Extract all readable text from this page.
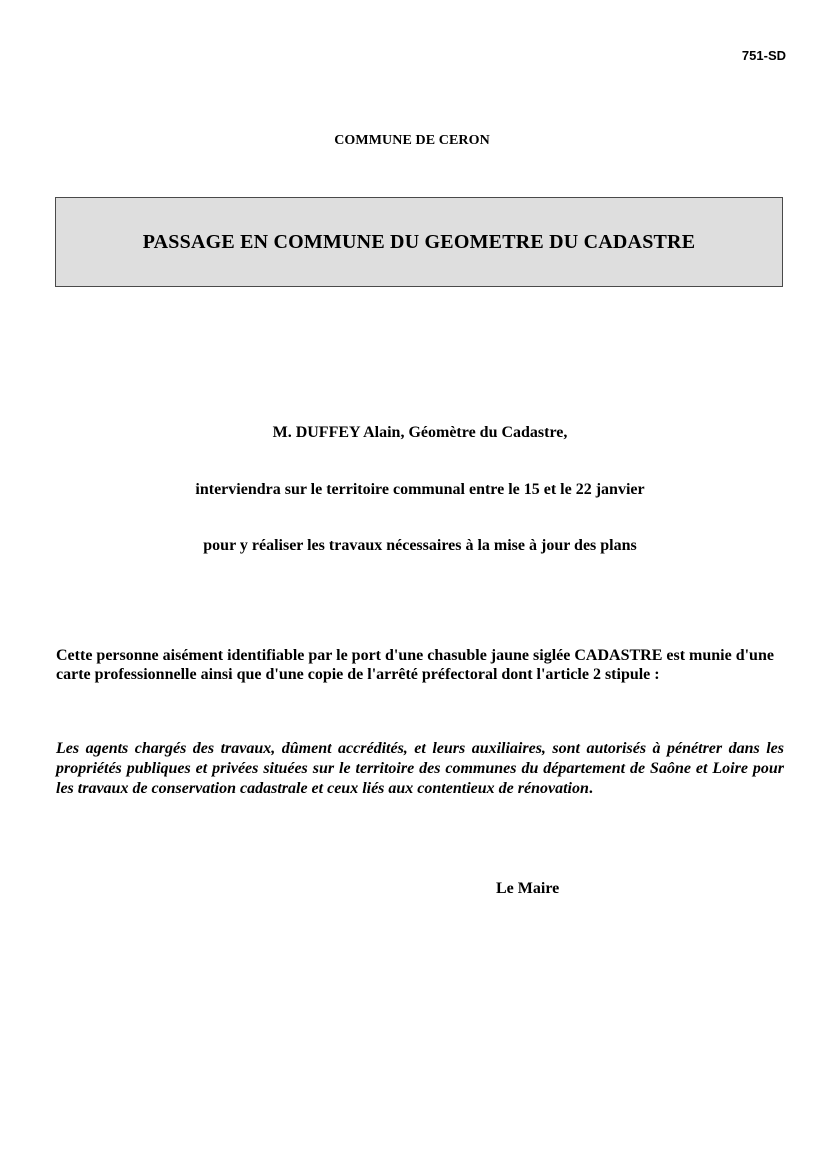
751-SD
COMMUNE DE CERON
PASSAGE EN COMMUNE DU GEOMETRE DU CADASTRE
M. DUFFEY Alain, Géomètre du Cadastre,
interviendra sur le territoire communal entre le 15 et le 22 janvier
pour y réaliser les travaux nécessaires à la mise à jour des plans
Cette personne aisément identifiable par le port d'une chasuble jaune siglée CADASTRE est munie d'une carte professionnelle ainsi que d'une copie de l'arrêté préfectoral dont l'article 2 stipule :
Les agents chargés des travaux, dûment accrédités, et leurs auxiliaires, sont autorisés à pénétrer dans les propriétés publiques et privées situées sur le territoire des communes du département de Saône et Loire pour les travaux de conservation cadastrale et ceux liés aux contentieux de rénovation.
Le Maire
